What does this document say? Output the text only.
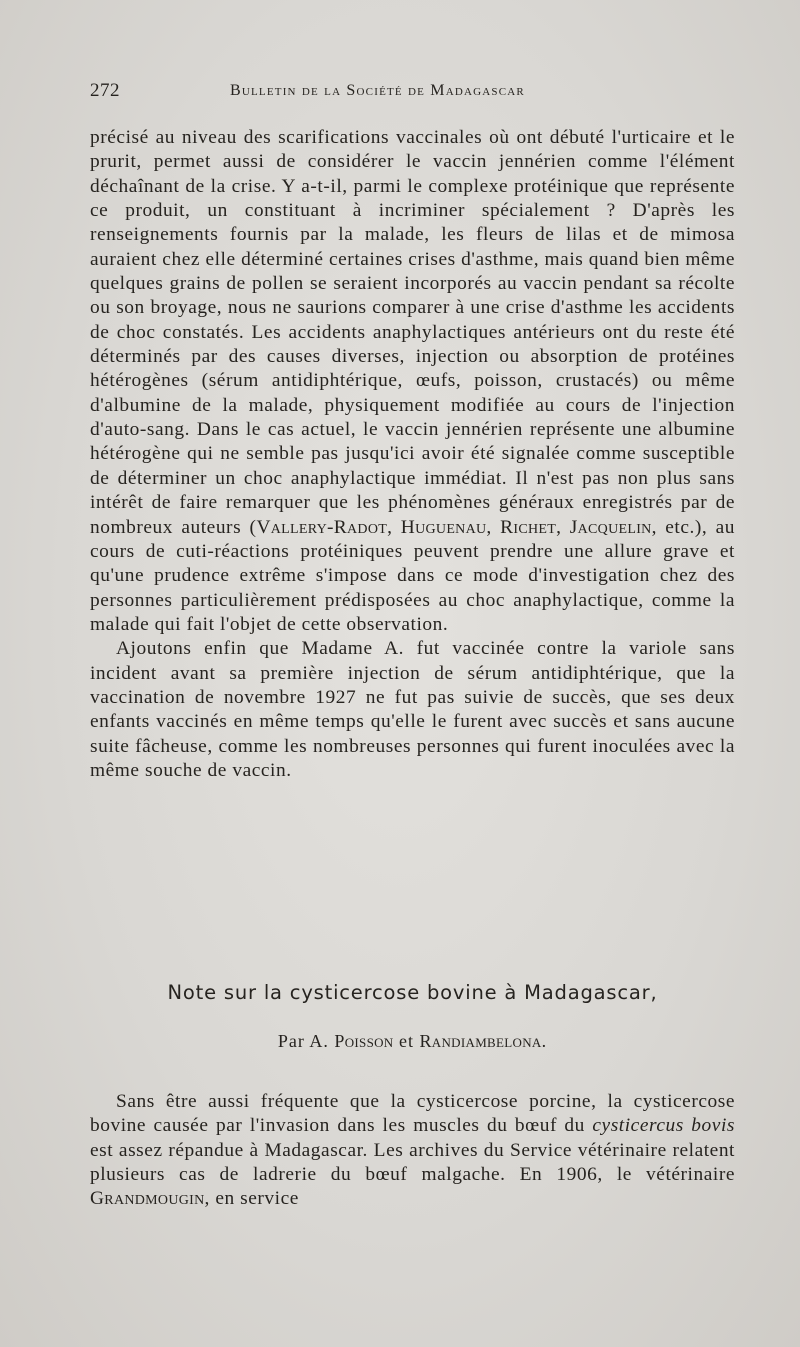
272	Bulletin de la Société de Madagascar

précisé au niveau des scarifications vaccinales où ont débuté l'urticaire et le prurit, permet aussi de considérer le vaccin jennérien comme l'élément déchaînant de la crise. Y a-t-il, parmi le complexe protéinique que représente ce produit, un constituant à incriminer spécialement ? D'après les renseignements fournis par la malade, les fleurs de lilas et de mimosa auraient chez elle déterminé certaines crises d'asthme, mais quand bien même quelques grains de pollen se seraient incorporés au vaccin pendant sa récolte ou son broyage, nous ne saurions comparer à une crise d'asthme les accidents de choc constatés. Les accidents anaphylactiques antérieurs ont du reste été déterminés par des causes diverses, injection ou absorption de protéines hétérogènes (sérum antidiphtérique, œufs, poisson, crustacés) ou même d'albumine de la malade, physiquement modifiée au cours de l'injection d'auto-sang. Dans le cas actuel, le vaccin jennérien représente une albumine hétérogène qui ne semble pas jusqu'ici avoir été signalée comme susceptible de déterminer un choc anaphylactique immédiat. Il n'est pas non plus sans intérêt de faire remarquer que les phénomènes généraux enregistrés par de nombreux auteurs (Vallery-Radot, Huguenau, Richet, Jacquelin, etc.), au cours de cuti-réactions protéiniques peuvent prendre une allure grave et qu'une prudence extrême s'impose dans ce mode d'investigation chez des personnes particulièrement prédisposées au choc anaphylactique, comme la malade qui fait l'objet de cette observation.

Ajoutons enfin que Madame A. fut vaccinée contre la variole sans incident avant sa première injection de sérum antidiphtérique, que la vaccination de novembre 1927 ne fut pas suivie de succès, que ses deux enfants vaccinés en même temps qu'elle le furent avec succès et sans aucune suite fâcheuse, comme les nombreuses personnes qui furent inoculées avec la même souche de vaccin.

Note sur la cysticercose bovine à Madagascar,
Par A. Poisson et Randiambelona.

Sans être aussi fréquente que la cysticercose porcine, la cysticercose bovine causée par l'invasion dans les muscles du bœuf du cysticercus bovis est assez répandue à Madagascar. Les archives du Service vétérinaire relatent plusieurs cas de ladrerie du bœuf malgache. En 1906, le vétérinaire Grandmougin, en service
